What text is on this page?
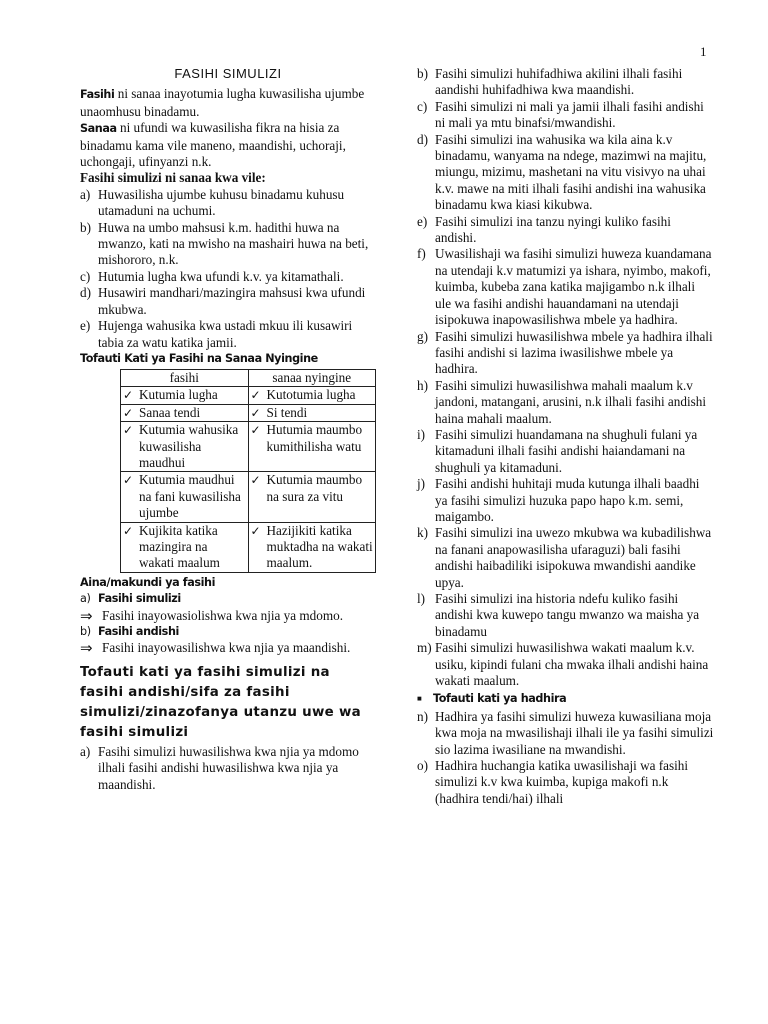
1
FASIHI SIMULIZI

Fasihi ni sanaa inayotumia lugha kuwasilisha ujumbe unaomhusu binadamu.

Sanaa ni ufundi wa kuwasilisha fikra na hisia za binadamu kama vile maneno, maandishi, uchoraji, uchongaji, ufinyanzi n.k.

Fasihi simulizi ni sanaa kwa vile:

a) Huwasilisha ujumbe kuhusu binadamu kuhusu utamaduni na uchumi.
b) Huwa na umbo mahsusi k.m. hadithi huwa na mwanzo, kati na mwisho na mashairi huwa na beti, mishororo, n.k.
c) Hutumia lugha kwa ufundi k.v. ya kitamathali.
d) Husawiri mandhari/mazingira mahsusi kwa ufundi mkubwa.
e) Hujenga wahusika kwa ustadi mkuu ili kusawiri tabia za watu katika jamii.

Tofauti Kati ya Fasihi na Sanaa Nyingine

fasihi	sanaa nyingine

✓ Kutumia lugha	✓ Kutotumia lugha

✓ Sanaa tendi	✓ Si tendi

✓ Kutumia wahusika kuwasilisha maudhui	✓ Hutumia maumbo kumithilisha watu

✓ Kutumia maudhui na fani kuwasilisha ujumbe	✓ Kutumia maumbo na sura za vitu

✓ Kujikita katika mazingira na wakati maalum	✓ Hazijikiti katika muktadha na wakati maalum.

Aina/makundi ya fasihi

a) Fasihi simulizi
⇒ Fasihi inayowasiolishwa kwa njia ya mdomo.
b) Fasihi andishi
⇒ Fasihi inayowasilishwa kwa njia ya maandishi.

Tofauti kati ya fasihi simulizi na fasihi andishi/sifa za fasihi simulizi/zinazofanya utanzu uwe wa fasihi simulizi

a) Fasihi simulizi huwasilishwa kwa njia ya mdomo ilhali fasihi andishi huwasilishwa kwa njia ya maandishi.
b) Fasihi simulizi huhifadhiwa akilini ilhali fasihi aandishi huhifadhiwa kwa maandishi.
c) Fasihi simulizi ni mali ya jamii ilhali fasihi andishi ni mali ya mtu binafsi/mwandishi.
d) Fasihi simulizi ina wahusika wa kila aina k.v binadamu, wanyama na ndege, mazimwi na majitu, miungu, mizimu, mashetani na vitu visivyo na uhai k.v. mawe na miti ilhali fasihi andishi ina wahusika binadamu kwa kiasi kikubwa.
e) Fasihi simulizi ina tanzu nyingi kuliko fasihi andishi.
f) Uwasilishaji wa fasihi simulizi huweza kuandamana na utendaji k.v matumizi ya ishara, nyimbo, makofi, kuimba, kubeba zana katika majigambo n.k ilhali ule wa fasihi andishi hauandamani na utendaji isipokuwa inapowasilishwa mbele ya hadhira.
g) Fasihi simulizi huwasilishwa mbele ya hadhira ilhali fasihi andishi si lazima iwasilishwe mbele ya hadhira.
h) Fasihi simulizi huwasilishwa mahali maalum k.v jandoni, matangani, arusini, n.k ilhali fasihi andishi haina mahali maalum.
i) Fasihi simulizi huandamana na shughuli fulani ya kitamaduni ilhali fasihi andishi haiandamani na shughuli ya kitamaduni.
j) Fasihi andishi huhitaji muda kutunga ilhali baadhi ya fasihi simulizi huzuka papo hapo k.m. semi, maigambo.
k) Fasihi simulizi ina uwezo mkubwa wa kubadilishwa na fanani anapowasilisha ufaraguzi) bali fasihi andishi haibadiliki isipokuwa mwandishi aandike upya.
l) Fasihi simulizi ina historia ndefu kuliko fasihi andishi kwa kuwepo tangu mwanzo wa maisha ya binadamu
m) Fasihi simulizi huwasilishwa wakati maalum k.v. usiku, kipindi fulani cha mwaka ilhali andishi haina wakati maalum.
■ Tofauti kati ya hadhira
n) Hadhira ya fasihi simulizi huweza kuwasiliana moja kwa moja na mwasilishaji ilhali ile ya fasihi simulizi sio lazima iwasiliane na mwandishi.
o) Hadhira huchangia katika uwasilishaji wa fasihi simulizi k.v kwa kuimba, kupiga makofi n.k (hadhira tendi/hai) ilhali
